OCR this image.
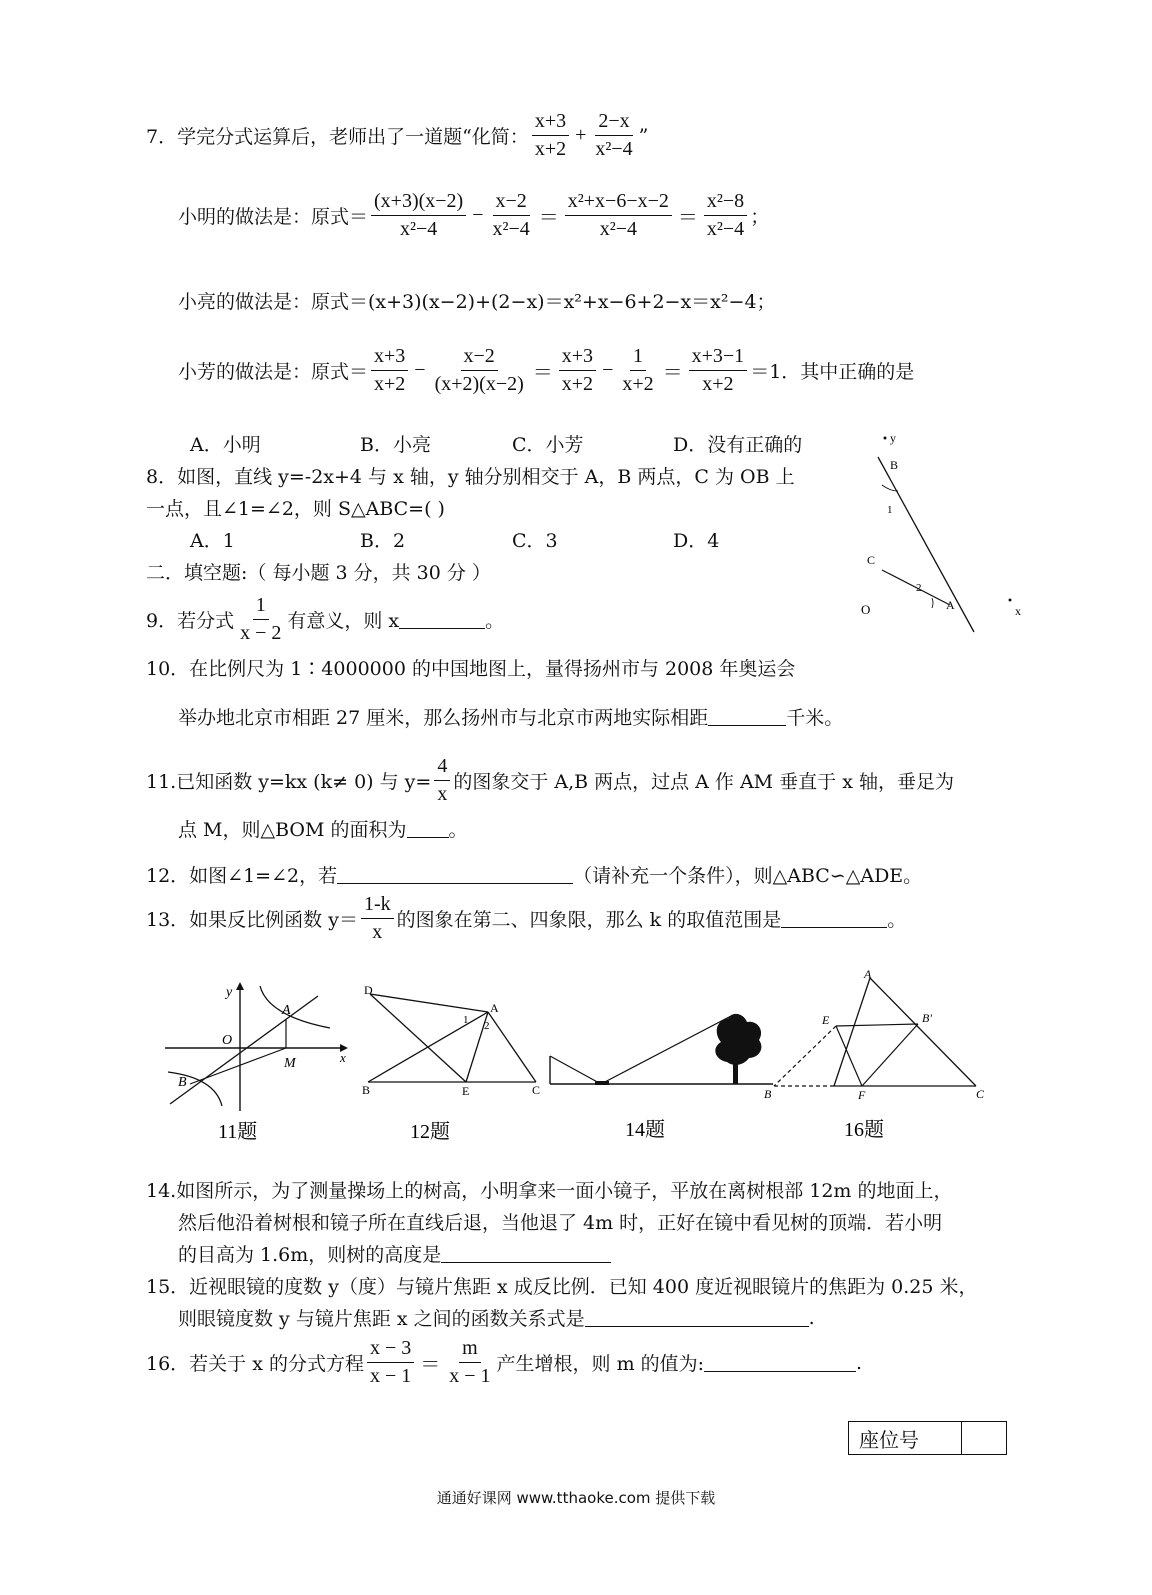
7．学完分式运算后，老师出了一道题“化简： $\frac{x+3}{x+2} + \frac{2-x}{\text{x²−4}}$ ”
小明的做法是：原式＝ $\frac{(x+3)(x-2)}{\text{x²−4}} - \frac{x-2}{\text{x²−4}} = \frac{\text{x²+x−6−x−2}}{\text{x²−4}} = \frac{\text{x²−8}}{\text{x²−4}}$ ；
小亮的做法是：原式＝(x+3)(x−2)+(2−x)＝x²+x−6+2−x＝x²−4；
小芳的做法是：原式＝ $\frac{x+3}{x+2} - \frac{x-2}{(x+2)(x-2)} = \frac{x+3}{x+2} - \frac{1}{x+2} = \frac{x+3-1}{x+2} =1$．其中正确的是
A．小明	B．小亮	C．小芳	D．没有正确的
8．如图，直线 y=-2x+4 与 x 轴，y 轴分别相交于 A，B 两点，C 为 OB 上
一点，且∠1=∠2，则 S△ABC=( )
A．1	B．2	C．3	D．4
y
B
1
C
2
A
O	x
二．填空题:（ 每小题 3 分，共 30 分 ）
9．若分式 $\frac{1}{x - 2}$ 有意义，则 x	。
10．在比例尺为 1∶4000000 的中国地图上，量得扬州市与 2008 年奥运会
举办地北京市相距 27 厘米，那么扬州市与北京市两地实际相距	千米。
11.已知函数 y=kx (k≠ 0) 与 $y= \frac{4}{x}$ 的图象交于 A,B 两点，过点 A 作 AM 垂直于 x 轴，垂足为
点 M，则△BOM 的面积为 。
12．如图∠1=∠2，若	（请补充一个条件），则△ABC∽△ADE。
13．如果反比例函数 $y= \frac{1-k}{x}$ 的图象在第二、四象限，那么 k 的取值范围是	。
y
A
O
M	x
B
11题
D
A
1 2
B	E	C
12题	14题
A
E	B'
B	F	C
16题
14.如图所示，为了测量操场上的树高，小明拿来一面小镜子，平放在离树根部 12m 的地面上，
然后他沿着树根和镜子所在直线后退，当他退了 4m 时，正好在镜中看见树的顶端．若小明
的目高为 1.6m，则树的高度是
15．近视眼镜的度数 y（度）与镜片焦距 x 成反比例．已知 400 度近视眼镜片的焦距为 0.25 米，
则眼镜度数 y 与镜片焦距 x 之间的函数关系式是	.
16．若关于 x 的分式方程 $\frac{x - 3}{x - 1} = \frac{m}{x - 1}$ 产生增根，则 m 的值为:	.
座位号
通通好课网 www.tthaoke.com 提供下载
